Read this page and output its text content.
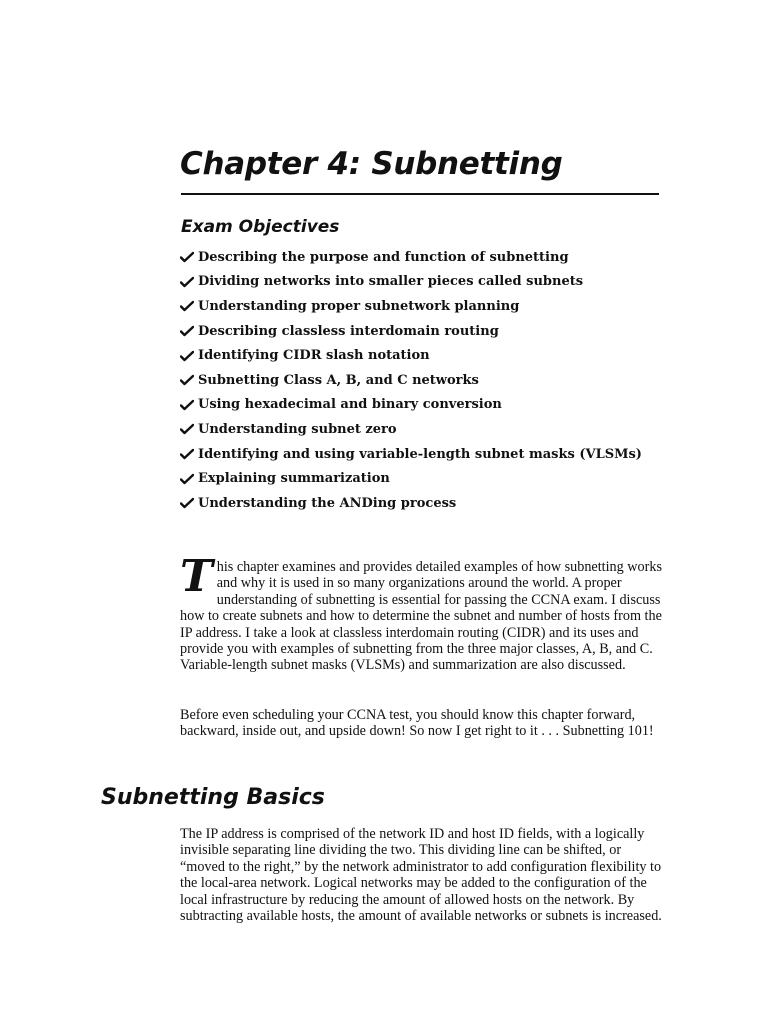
Chapter 4: Subnetting
Exam Objectives
Describing the purpose and function of subnetting
Dividing networks into smaller pieces called subnets
Understanding proper subnetwork planning
Describing classless interdomain routing
Identifying CIDR slash notation
Subnetting Class A, B, and C networks
Using hexadecimal and binary conversion
Understanding subnet zero
Identifying and using variable-length subnet masks (VLSMs)
Explaining summarization
Understanding the ANDing process

This chapter examines and provides detailed examples of how subnetting works and why it is used in so many organizations around the world. A proper understanding of subnetting is essential for passing the CCNA exam. I discuss how to create subnets and how to determine the subnet and number of hosts from the IP address. I take a look at classless interdomain routing (CIDR) and its uses and provide you with examples of subnetting from the three major classes, A, B, and C. Variable-length subnet masks (VLSMs) and summarization are also discussed.

Before even scheduling your CCNA test, you should know this chapter forward, backward, inside out, and upside down! So now I get right to it . . . Subnetting 101!

Subnetting Basics

The IP address is comprised of the network ID and host ID fields, with a logically invisible separating line dividing the two. This dividing line can be shifted, or “moved to the right,” by the network administrator to add configuration flexibility to the local-area network. Logical networks may be added to the configuration of the local infrastructure by reducing the amount of allowed hosts on the network. By subtracting available hosts, the amount of available networks or subnets is increased.
